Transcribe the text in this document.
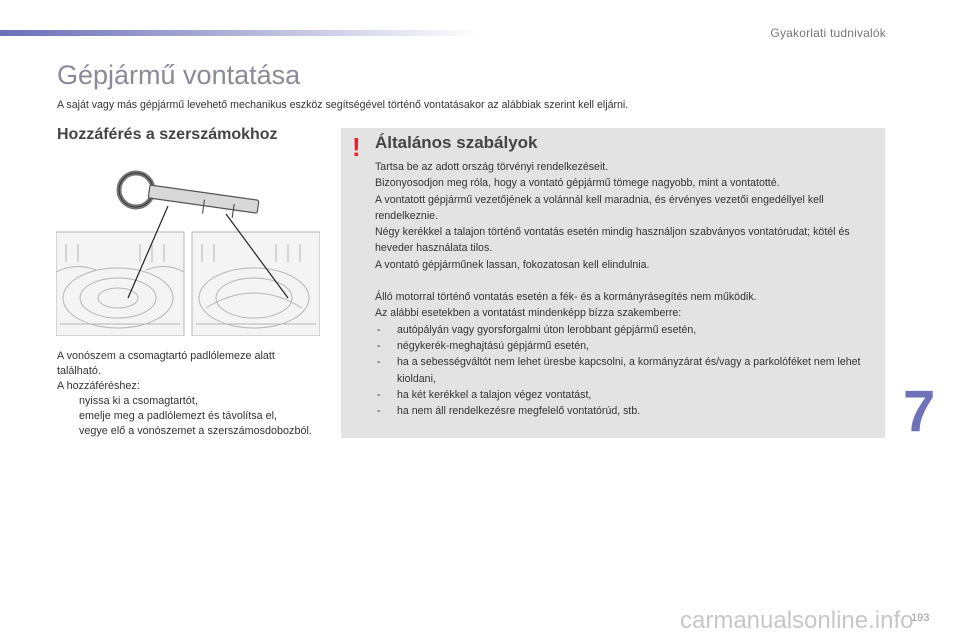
Gyakorlati tudnivalók
Gépjármű vontatása

A saját vagy más gépjármű levehető mechanikus eszköz segítségével történő vontatásakor az alábbiak szerint kell eljárni.

Hozzáférés a szerszámokhoz

A vonószem a csomagtartó padlólemeze alatt található.

A hozzáféréshez:

nyissa ki a csomagtartót,
emelje meg a padlólemezt és távolítsa el,
vegye elő a vonószemet a szerszámosdobozból.
! Általános szabályok

Tartsa be az adott ország törvényi rendelkezéseit.

Bizonyosodjon meg róla, hogy a vontató gépjármű tömege nagyobb, mint a vontatotté.

A vontatott gépjármű vezetőjének a volánnál kell maradnia, és érvényes vezetői engedéllyel kell rendelkeznie.

Négy kerékkel a talajon történő vontatás esetén mindig használjon szabványos vontatórudat; kötél és heveder használata tilos.

A vontató gépjárműnek lassan, fokozatosan kell elindulnia.

Álló motorral történő vontatás esetén a fék- és a kormányrásegítés nem működik.

Az alábbi esetekben a vontatást mindenképp bízza szakemberre:

- autópályán vagy gyorsforgalmi úton lerobbant gépjármű esetén,
- négykerék-meghajtású gépjármű esetén,
- ha a sebességváltót nem lehet üresbe kapcsolni, a kormányzárat és/vagy a parkolóféket nem lehet kioldani,
- ha két kerékkel a talajon végez vontatást,
- ha nem áll rendelkezésre megfelelő vontatórúd, stb.	7
carmanualsonline.info
193
